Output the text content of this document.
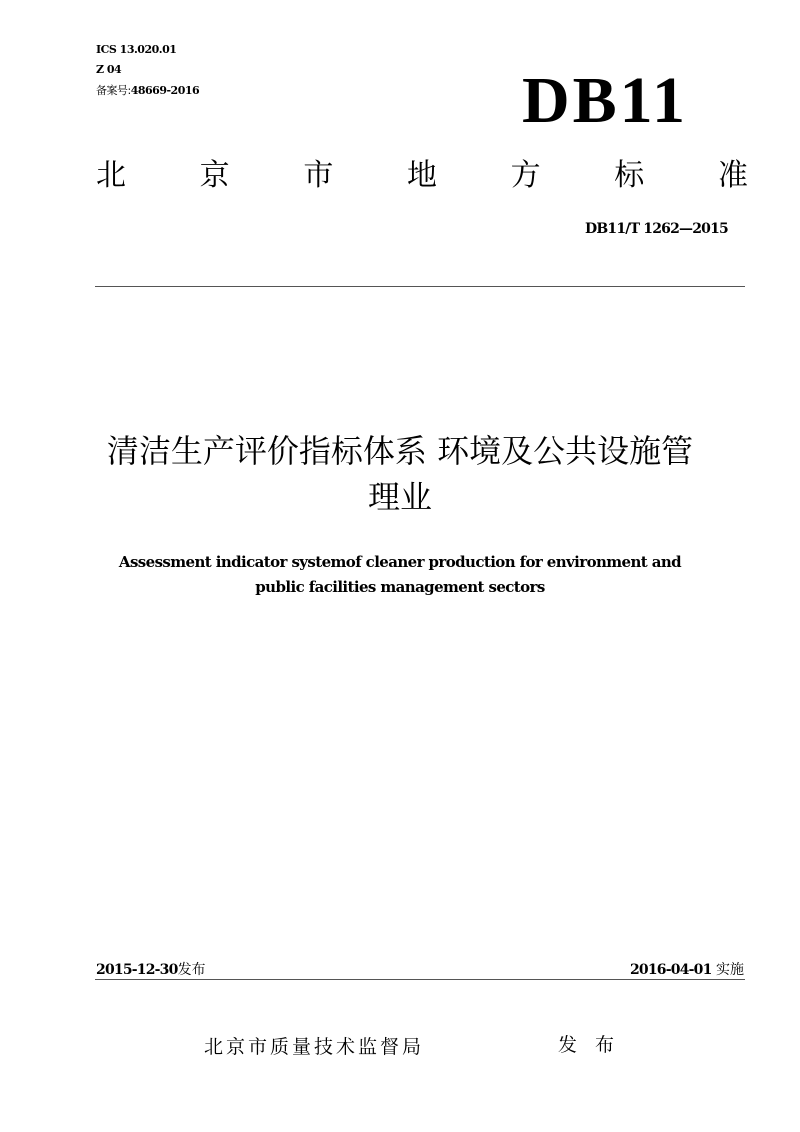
ICS 13.020.01
Z 04
备案号:48669-2016	DB11
北 京 市 地 方 标 准
DB11/T 1262—2015
清洁生产评价指标体系 环境及公共设施管
理业
Assessment indicator systemof cleaner production for environment and
public facilities management sectors
2015-12-30发布	2016-04-01 实施
北京市质量技术监督局	发 布
